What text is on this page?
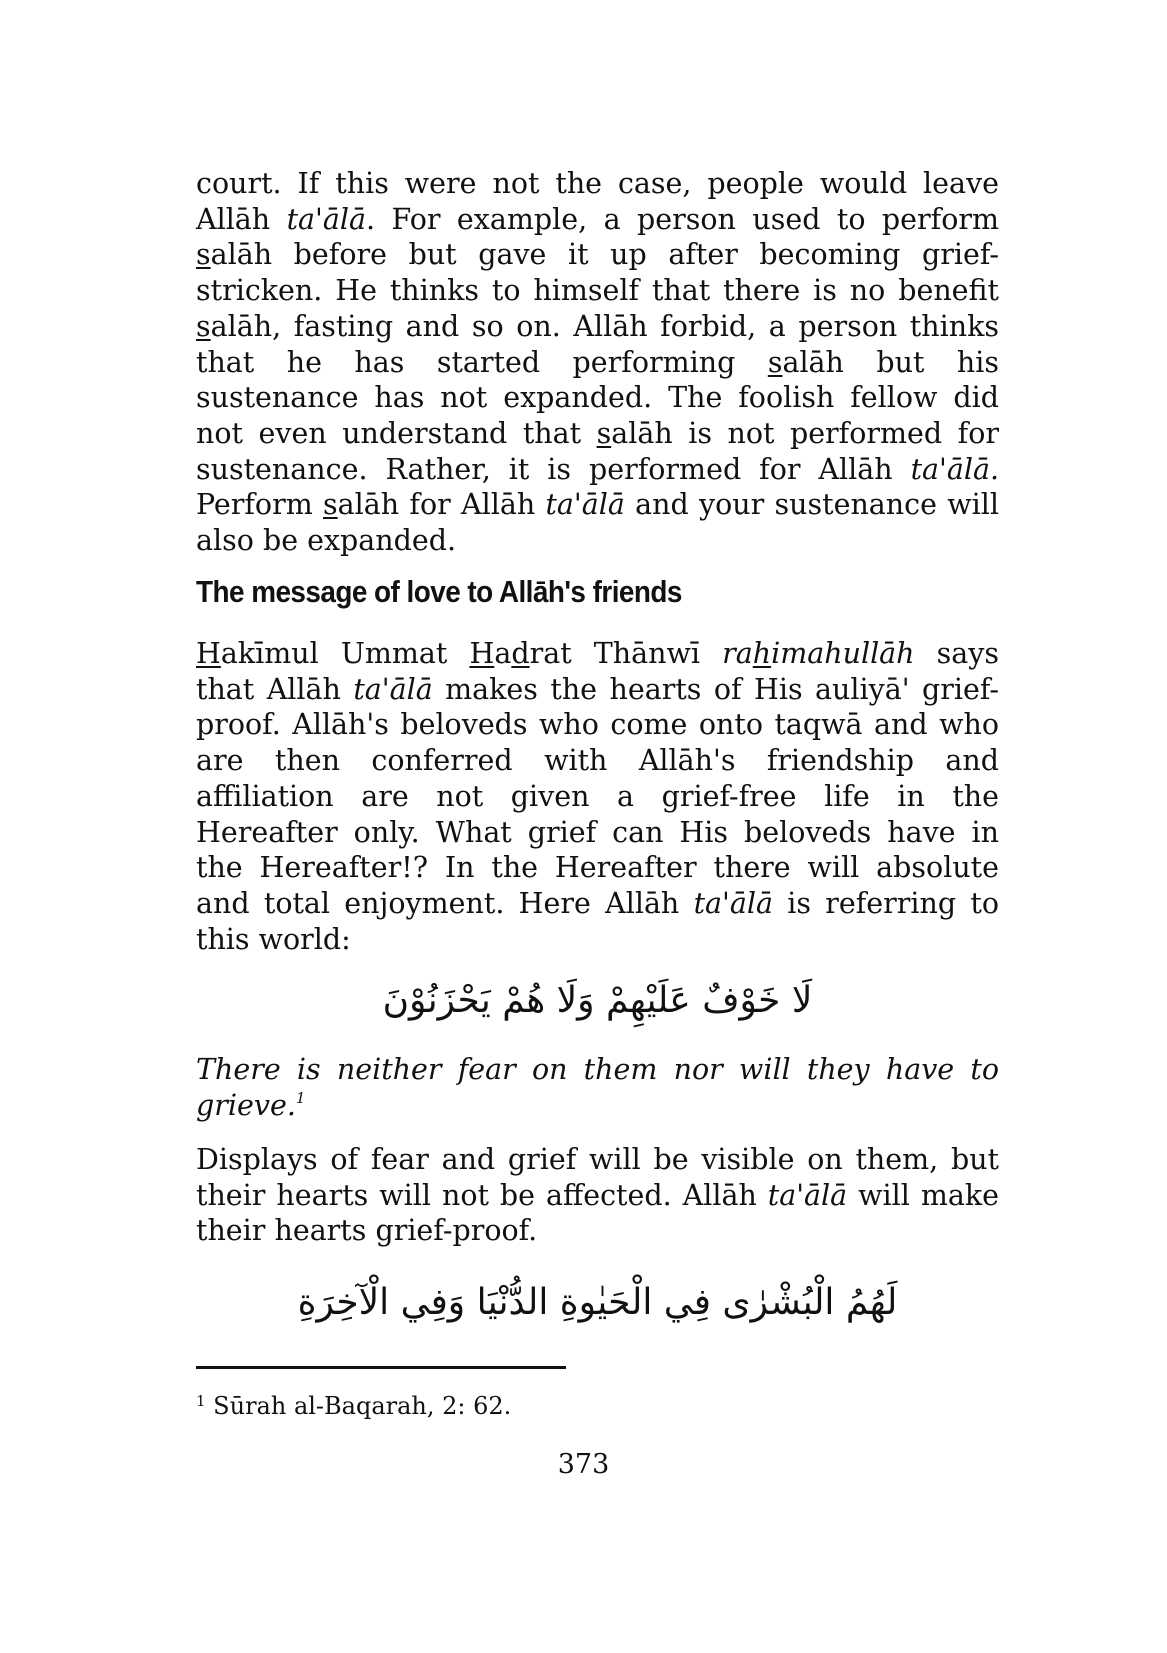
court. If this were not the case, people would leave Allāh ta'ālā. For example, a person used to perform salāh before but gave it up after becoming grief-stricken. He thinks to himself that there is no benefit salāh, fasting and so on. Allāh forbid, a person thinks that he has started performing salāh but his sustenance has not expanded. The foolish fellow did not even understand that salāh is not performed for sustenance. Rather, it is performed for Allāh ta'ālā. Perform salāh for Allāh ta'ālā and your sustenance will also be expanded.

The message of love to Allāh's friends

Hakīmul Ummat Hadrat Thānwī rahimahullāh says that Allāh ta'ālā makes the hearts of His auliyā' grief-proof. Allāh's beloveds who come onto taqwā and who are then conferred with Allāh's friendship and affiliation are not given a grief-free life in the Hereafter only. What grief can His beloveds have in the Hereafter!? In the Hereafter there will absolute and total enjoyment. Here Allāh ta'ālā is referring to this world:

لَا خَوْفٌ عَلَيْهِمْ وَلَا هُمْ يَحْزَنُوْنَ

There is neither fear on them nor will they have to grieve.$^1$

Displays of fear and grief will be visible on them, but their hearts will not be affected. Allāh ta'ālā will make their hearts grief-proof.

لَهُمُ الْبُشْرٰى فِي الْحَيٰوةِ الدُّنْيَا وَفِي الْآخِرَةِ

$^1$ Sūrah al-Baqarah, 2: 62.

373
